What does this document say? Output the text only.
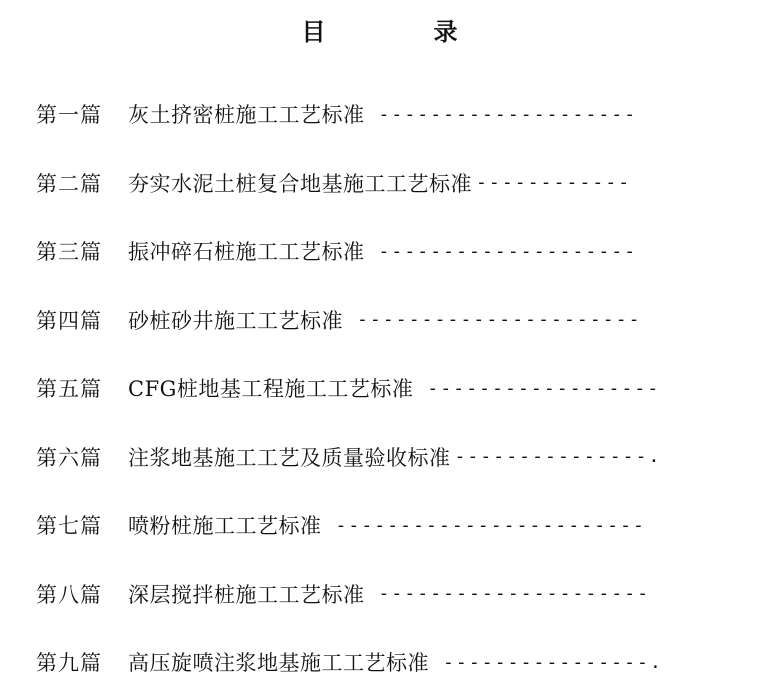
目　录
第一篇	灰土挤密桩施工工艺标准 --------------------
第二篇	夯实水泥土桩复合地基施工工艺标准 ------------
第三篇	振冲碎石桩施工工艺标准 --------------------
第四篇	砂桩砂井施工工艺标准 ----------------------
第五篇	CFG桩地基工程施工工艺标准 ------------------
第六篇	注浆地基施工工艺及质量验收标准 ---------------.
第七篇	喷粉桩施工工艺标准 ------------------------
第八篇	深层搅拌桩施工工艺标准 ---------------------
第九篇	高压旋喷注浆地基施工工艺标准 ----------------.
